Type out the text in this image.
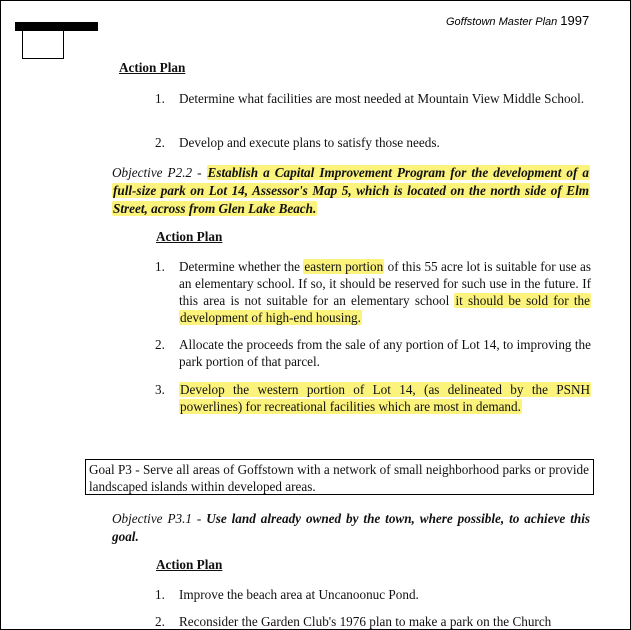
Goffstown Master Plan 1997
Action Plan
1. Determine what facilities are most needed at Mountain View Middle School.
2. Develop and execute plans to satisfy those needs.
Objective P2.2 - Establish a Capital Improvement Program for the development of a full-size park on Lot 14, Assessor's Map 5, which is located on the north side of Elm Street, across from Glen Lake Beach.
Action Plan
1. Determine whether the eastern portion of this 55 acre lot is suitable for use as an elementary school. If so, it should be reserved for such use in the future. If this area is not suitable for an elementary school it should be sold for the development of high-end housing.
2. Allocate the proceeds from the sale of any portion of Lot 14, to improving the park portion of that parcel.
3. Develop the western portion of Lot 14, (as delineated by the PSNH powerlines) for recreational facilities which are most in demand.
Goal P3 - Serve all areas of Goffstown with a network of small neighborhood parks or provide landscaped islands within developed areas.
Objective P3.1 - Use land already owned by the town, where possible, to achieve this goal.
Action Plan
1. Improve the beach area at Uncanoonuc Pond.
2. Reconsider the Garden Club's 1976 plan to make a park on the Church
